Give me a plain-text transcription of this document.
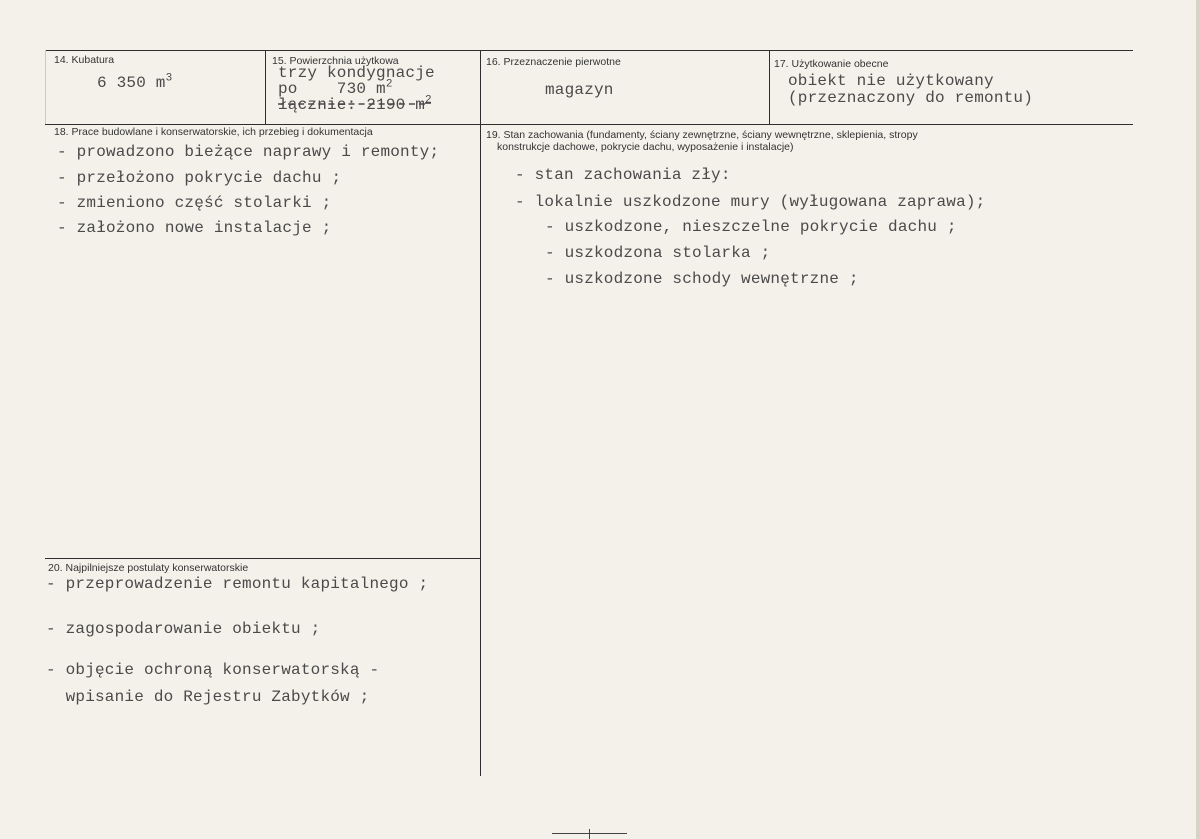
14. Kubatura
6 350 $m^3$
15. Powierzchnia użytkowa
trzy kondygnacje
po    730 $m^2$
łącznie: 2190 $m^2$
16. Przeznaczenie pierwotne
magazyn
17. Użytkowanie obecne
obiekt nie użytkowany
(przeznaczony do remontu)
18. Prace budowlane i konserwatorskie, ich przebieg i dokumentacja
- prowadzono bieżące naprawy i remonty;
- przełożono pokrycie dachu ;
- zmieniono część stolarki ;
- założono nowe instalacje ;
19. Stan zachowania (fundamenty, ściany zewnętrzne, ściany wewnętrzne, sklepienia, stropy
konstrukcje dachowe, pokrycie dachu, wyposażenie i instalacje)
- stan zachowania zły:
- lokalnie uszkodzone mury (wyługowana zaprawa);
- uszkodzone, nieszczelne pokrycie dachu ;
- uszkodzona stolarka ;
- uszkodzone schody wewnętrzne ;
20. Najpilniejsze postulaty konserwatorskie
- przeprowadzenie remontu kapitalnego ;
- zagospodarowanie obiektu ;
- objęcie ochroną konserwatorską -
wpisanie do Rejestru Zabytków ;
